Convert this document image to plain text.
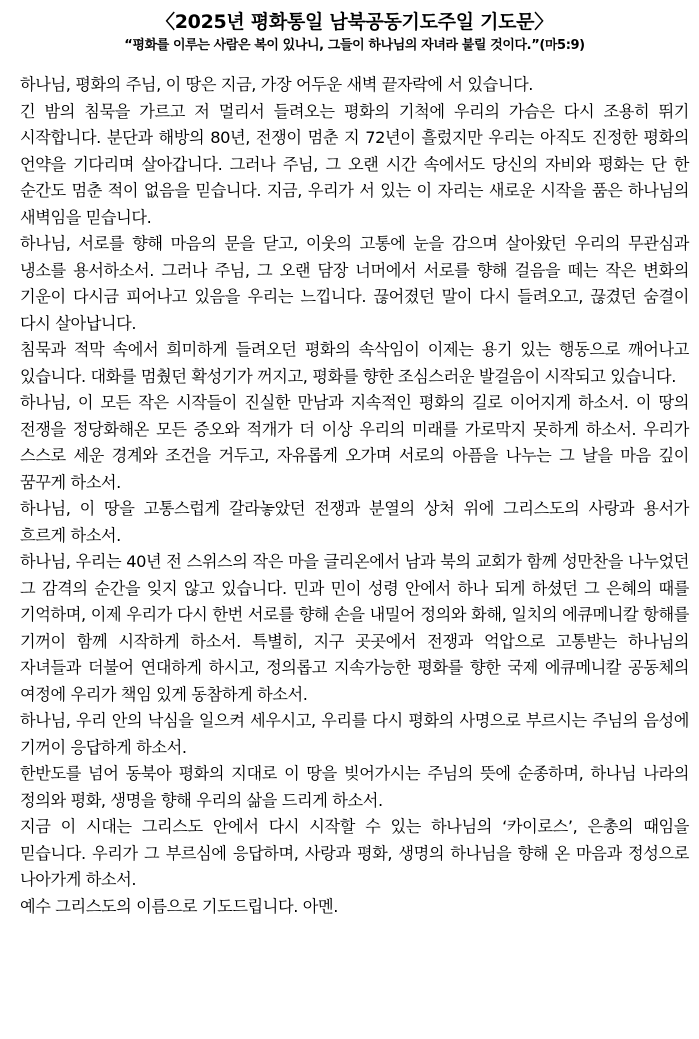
〈2025년 평화통일 남북공동기도주일 기도문〉

“평화를 이루는 사람은 복이 있나니, 그들이 하나님의 자녀라 불릴 것이다.”(마5:9)

하나님, 평화의 주님, 이 땅은 지금, 가장 어두운 새벽 끝자락에 서 있습니다.

긴 밤의 침묵을 가르고 저 멀리서 들려오는 평화의 기척에 우리의 가슴은 다시 조용히 뛰기 시작합니다. 분단과 해방의 80년, 전쟁이 멈춘 지 72년이 흘렀지만 우리는 아직도 진정한 평화의 언약을 기다리며 살아갑니다. 그러나 주님, 그 오랜 시간 속에서도 당신의 자비와 평화는 단 한 순간도 멈춘 적이 없음을 믿습니다. 지금, 우리가 서 있는 이 자리는 새로운 시작을 품은 하나님의 새벽임을 믿습니다.

하나님, 서로를 향해 마음의 문을 닫고, 이웃의 고통에 눈을 감으며 살아왔던 우리의 무관심과 냉소를 용서하소서. 그러나 주님, 그 오랜 담장 너머에서 서로를 향해 걸음을 떼는 작은 변화의 기운이 다시금 피어나고 있음을 우리는 느낍니다. 끊어졌던 말이 다시 들려오고, 끊겼던 숨결이 다시 살아납니다.

침묵과 적막 속에서 희미하게 들려오던 평화의 속삭임이 이제는 용기 있는 행동으로 깨어나고 있습니다. 대화를 멈췄던 확성기가 꺼지고, 평화를 향한 조심스러운 발걸음이 시작되고 있습니다.

하나님, 이 모든 작은 시작들이 진실한 만남과 지속적인 평화의 길로 이어지게 하소서. 이 땅의 전쟁을 정당화해온 모든 증오와 적개가 더 이상 우리의 미래를 가로막지 못하게 하소서. 우리가 스스로 세운 경계와 조건을 거두고, 자유롭게 오가며 서로의 아픔을 나누는 그 날을 마음 깊이 꿈꾸게 하소서.

하나님, 이 땅을 고통스럽게 갈라놓았던 전쟁과 분열의 상처 위에 그리스도의 사랑과 용서가 흐르게 하소서.

하나님, 우리는 40년 전 스위스의 작은 마을 글리온에서 남과 북의 교회가 함께 성만찬을 나누었던 그 감격의 순간을 잊지 않고 있습니다. 민과 민이 성령 안에서 하나 되게 하셨던 그 은혜의 때를 기억하며, 이제 우리가 다시 한번 서로를 향해 손을 내밀어 정의와 화해, 일치의 에큐메니칼 항해를 기꺼이 함께 시작하게 하소서. 특별히, 지구 곳곳에서 전쟁과 억압으로 고통받는 하나님의 자녀들과 더불어 연대하게 하시고, 정의롭고 지속가능한 평화를 향한 국제 에큐메니칼 공동체의 여정에 우리가 책임 있게 동참하게 하소서.

하나님, 우리 안의 낙심을 일으켜 세우시고, 우리를 다시 평화의 사명으로 부르시는 주님의 음성에 기꺼이 응답하게 하소서.

한반도를 넘어 동북아 평화의 지대로 이 땅을 빚어가시는 주님의 뜻에 순종하며, 하나님 나라의 정의와 평화, 생명을 향해 우리의 삶을 드리게 하소서.

지금 이 시대는 그리스도 안에서 다시 시작할 수 있는 하나님의 ‘카이로스’, 은총의 때임을 믿습니다. 우리가 그 부르심에 응답하며, 사랑과 평화, 생명의 하나님을 향해 온 마음과 정성으로 나아가게 하소서.

예수 그리스도의 이름으로 기도드립니다. 아멘.
